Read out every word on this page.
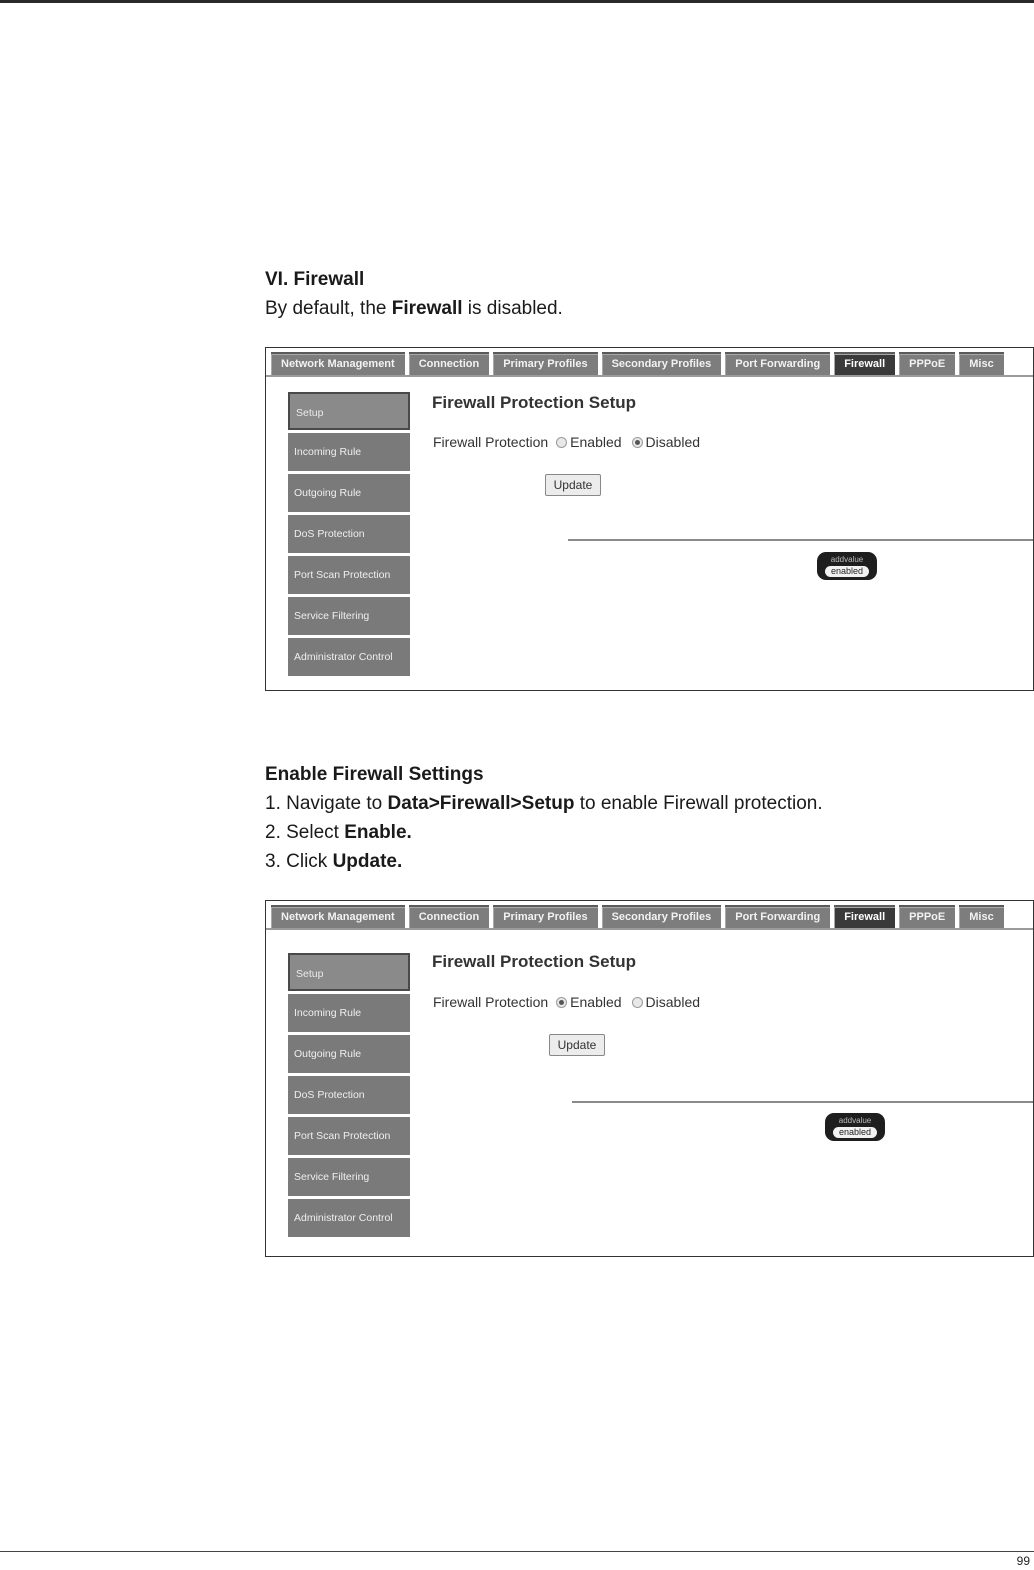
VI. Firewall
By default, the Firewall is disabled.
Network Management	Connection	Primary Profiles	Secondary Profiles	Port Forwarding	Firewall	PPPoE	Misc
Setup
Incoming Rule
Outgoing Rule
DoS Protection
Port Scan Protection
Service Filtering
Administrator Control
Firewall Protection Setup
Firewall Protection Enabled Disabled
Update
addvalue
enabled
Enable Firewall Settings
1. Navigate to Data>Firewall>Setup to enable Firewall protection.
2. Select Enable.
3. Click Update.
Network Management	Connection	Primary Profiles	Secondary Profiles	Port Forwarding	Firewall	PPPoE	Misc
Setup
Incoming Rule
Outgoing Rule
DoS Protection
Port Scan Protection
Service Filtering
Administrator Control
Firewall Protection Setup
Firewall Protection Enabled Disabled
Update
addvalue
enabled
99
